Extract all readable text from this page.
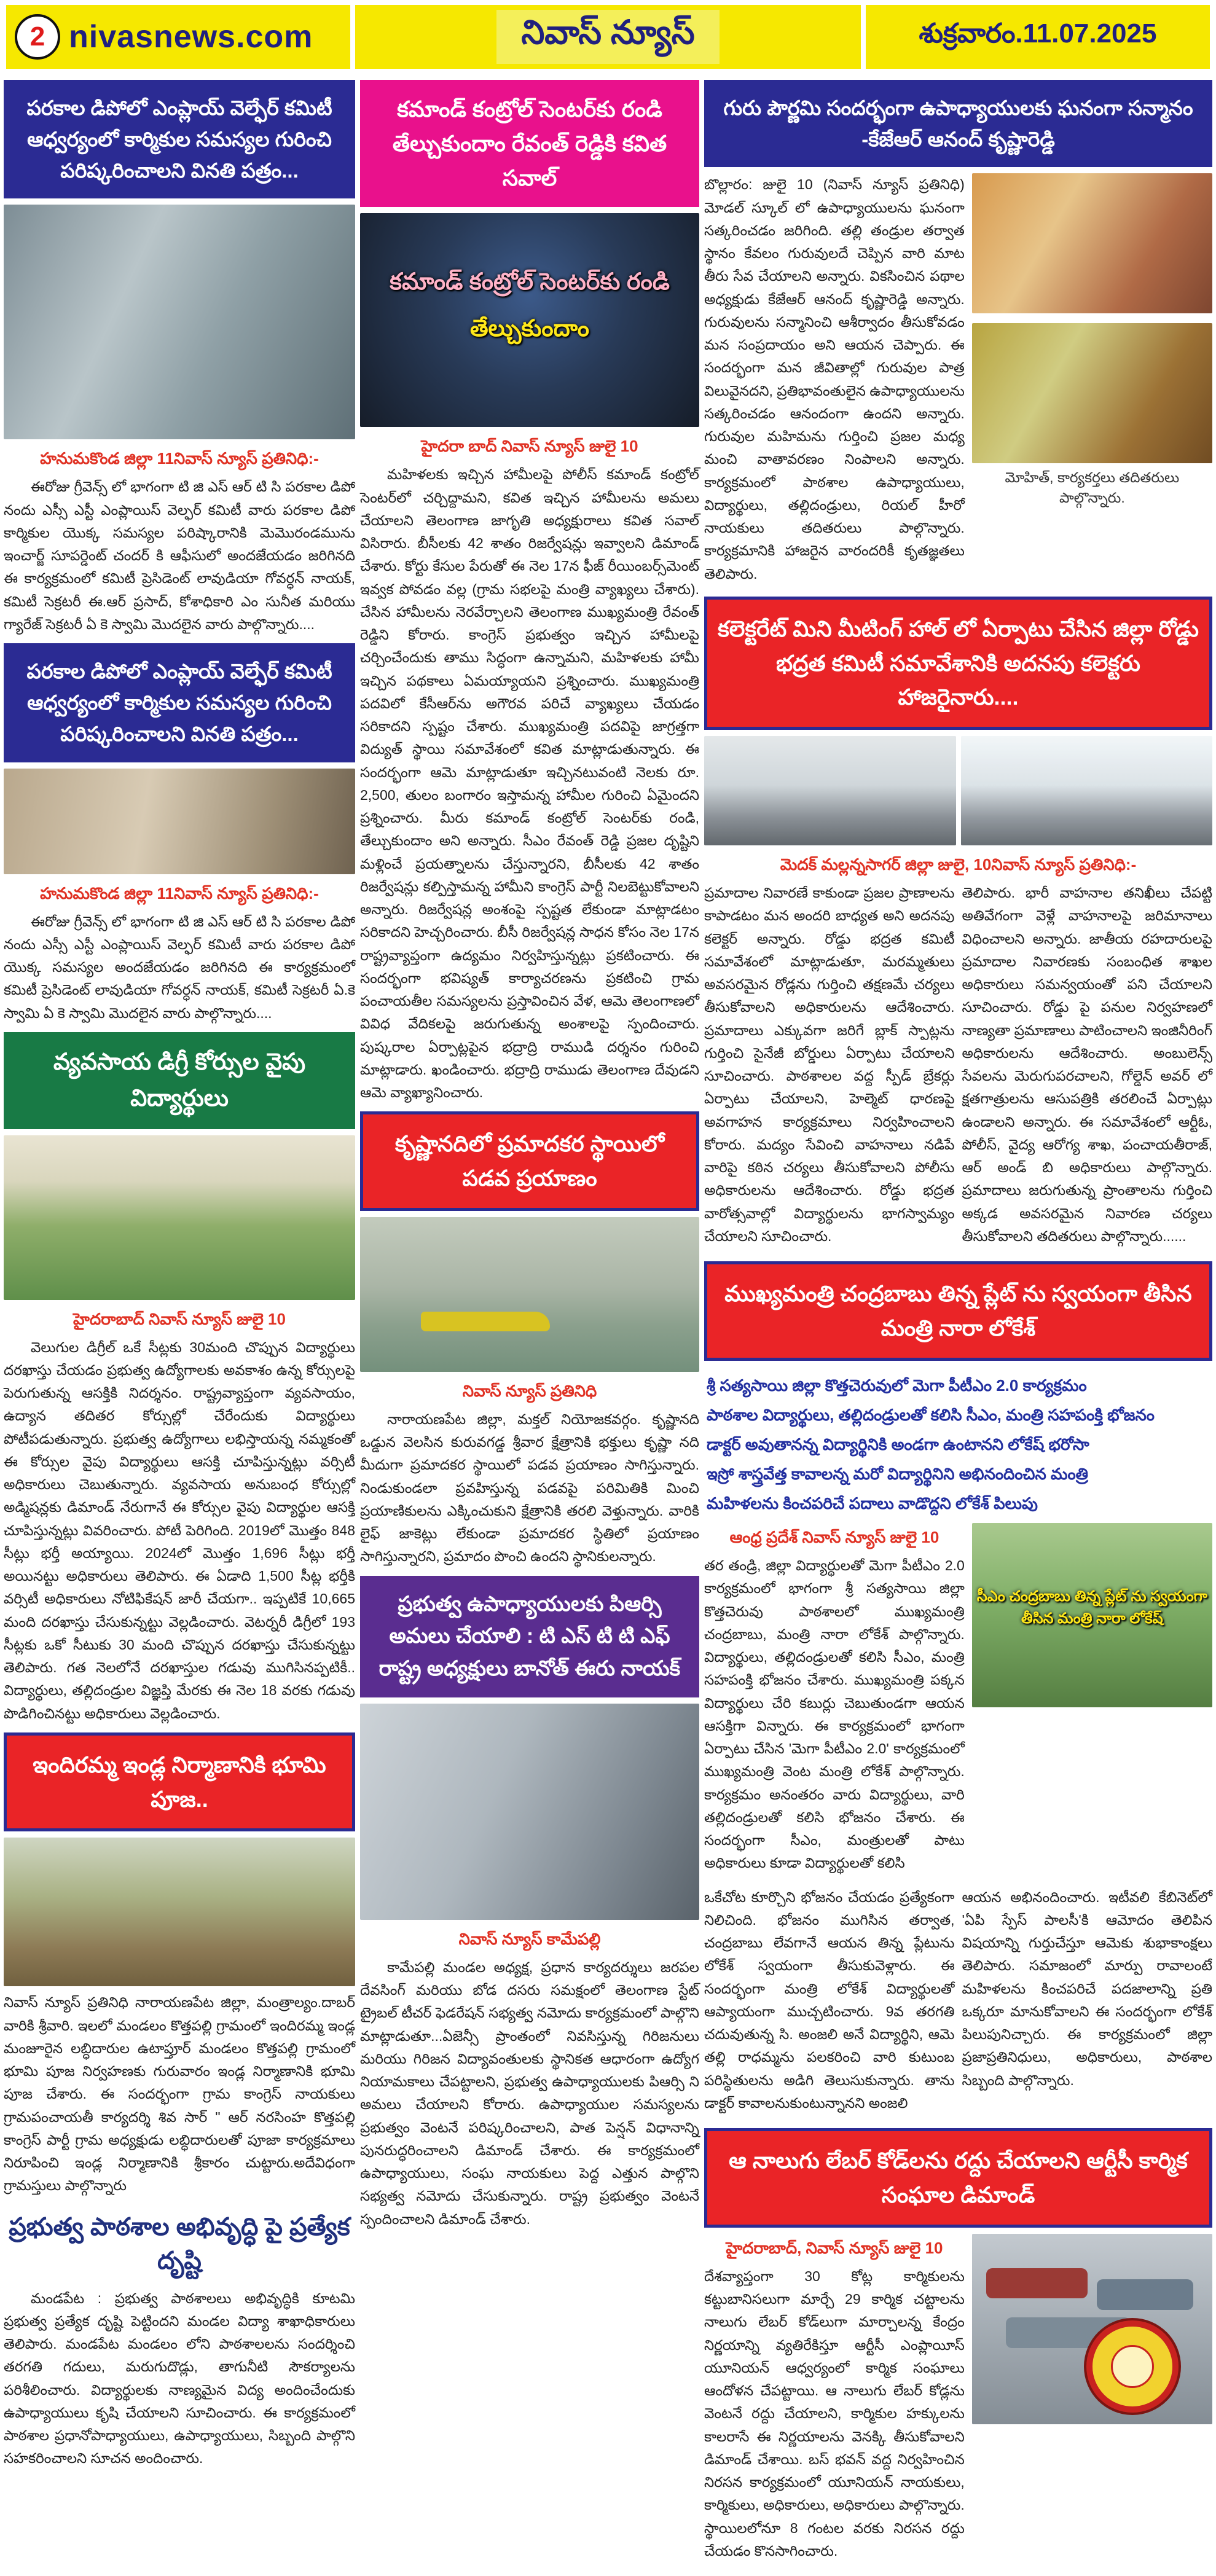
2 nivasnews.com	నివాస్ న్యూస్	శుక్రవారం.11.07.2025
పరకాల డిపోలో ఎంప్లాయ్ వెల్ఫేర్ కమిటీ ఆధ్వర్యంలో కార్మికుల సమస్యల గురించి పరిష్కరించాలని వినతి పత్రం...
హనుమకొండ జిల్లా 11నివాస్ న్యూస్ ప్రతినిధి:-
ఈరోజు గ్రీవెన్స్ లో భాగంగా టి జి ఎస్ ఆర్ టి సి పరకాల డిపో నందు ఎస్సీ ఎస్టీ ఎంప్లాయిస్ వెల్ఫర్ కమిటీ వారు పరకాల డిపో కార్మికుల యొక్క సమస్యల పరిష్కారానికి మెమొరండమును ఇంచార్జ్ సూపర్డెంట్ చందర్ కి ఆఫీసులో అందజేయడం జరిగినది ఈ కార్యక్రమంలో కమిటీ ప్రెసిడెంట్ లావుడియా గోవర్ధన్ నాయక్, కమిటీ సెక్రటరీ ఈ.ఆర్ ప్రసాద్, కోశాధికారి ఎం సునీత మరియు గ్యారేజ్ సెక్రటరీ ఏ కె స్వామి మొదలైన వారు పాల్గొన్నారు....
పరకాల డిపోలో ఎంప్లాయ్ వెల్ఫేర్ కమిటీ ఆధ్వర్యంలో కార్మికుల సమస్యల గురించి పరిష్కరించాలని వినతి పత్రం...
హనుమకొండ జిల్లా 11నివాస్ న్యూస్ ప్రతినిధి:-
ఈరోజు గ్రీవెన్స్ లో భాగంగా టి జి ఎస్ ఆర్ టి సి పరకాల డిపో నందు ఎస్సీ ఎస్టీ ఎంప్లాయిస్ వెల్ఫర్ కమిటీ వారు పరకాల డిపో యొక్క సమస్యల అందజేయడం జరిగినది ఈ కార్యక్రమంలో కమిటీ ప్రెసిడెంట్ లావుడియా గోవర్ధన్ నాయక్, కమిటీ సెక్రటరీ ఏ.కె స్వామి ఏ కె స్వామి మొదలైన వారు పాల్గొన్నారు....
వ్యవసాయ డిగ్రీ కోర్సుల వైపు విద్యార్థులు
హైదరాబాద్ నివాస్ న్యూస్ జులై 10
వెలుగుల డిగ్రీల్ ఒకే సీట్లకు 30మంది చొప్పున విద్యార్థులు దరఖాస్తు చేయడం ప్రభుత్వ ఉద్యోగాలకు అవకాశం ఉన్న కోర్సులపై పెరుగుతున్న ఆసక్తికి నిదర్శనం. రాష్ట్రవ్యాప్తంగా వ్యవసాయం, ఉద్యాన తదితర కోర్సుల్లో చేరేందుకు విద్యార్థులు పోటీపడుతున్నారు. ప్రభుత్వ ఉద్యోగాలు లభిస్తాయన్న నమ్మకంతో ఈ కోర్సుల వైపు విద్యార్థులు ఆసక్తి చూపిస్తున్నట్లు వర్సిటీ అధికారులు చెబుతున్నారు. వ్యవసాయ అనుబంధ కోర్సుల్లో అడ్మిషన్లకు డిమాండ్ నేరుగానే ఈ కోర్సుల వైపు విద్యార్థుల ఆసక్తి చూపిస్తున్నట్లు వివరించారు. పోటీ పెరిగింది. 2019లో మొత్తం 848 సీట్లు భర్తీ అయ్యాయి. 2024లో మొత్తం 1,696 సీట్లు భర్తీ అయినట్టు అధికారులు తెలిపారు. ఈ ఏడాది 1,500 సీట్ల భర్తీకి వర్సిటీ అధికారులు నోటిఫికేషన్ జారీ చేయగా.. ఇప్పటికే 10,665 మంది దరఖాస్తు చేసుకున్నట్టు వెల్లడించారు. వెటర్నరీ డిగ్రీలో 193 సీట్లకు ఒకో సీటుకు 30 మంది చొప్పున దరఖాస్తు చేసుకున్నట్టు తెలిపారు. గత నెలలోనే దరఖాస్తుల గడువు ముగిసినప్పటికీ.. విద్యార్థులు, తల్లిదండ్రుల విజ్ఞప్తి మేరకు ఈ నెల 18 వరకు గడువు పొడిగించినట్టు అధికారులు వెల్లడించారు.
ఇందిరమ్మ ఇండ్ల నిర్మాణానికి భూమి పూజ..
నివాస్ న్యూస్ ప్రతినిధి నారాయణపేట జిల్లా, మంత్రాల్యం.దాబర్ వారికి శ్రీవారి. ఇలలో మండలం కొత్తపల్లి గ్రామంలో ఇందిరమ్మ ఇండ్ల మంజూరైన లబ్ధిదారుల ఉటాప్తూర్ మండలం కొత్తపల్లి గ్రామంలో భూమి పూజ నిర్వహణకు గురువారం ఇండ్ల నిర్మాణానికి భూమి పూజ చేశారు. ఈ సందర్భంగా గ్రామ కాంగ్రెస్ నాయకులు గ్రామపంచాయతీ కార్యదర్శి శివ సార్ " ఆర్ నరసింహ కొత్తపల్లి కాంగ్రెస్ పార్టీ గ్రామ అధ్యక్షుడు లబ్ధిదారులతో పూజా కార్యక్రమాలు నిరూపించి ఇండ్ల నిర్మాణానికి శ్రీకారం చుట్టారు.అదేవిధంగా గ్రామస్తులు పాల్గొన్నారు
ప్రభుత్వ పాఠశాల అభివృద్ధి పై ప్రత్యేక దృష్టి
మండపేట : ప్రభుత్వ పాఠశాలలు అభివృద్ధికి కూటమి ప్రభుత్వ ప్రత్యేక దృష్టి పెట్టిందని మండల విద్యా శాఖాధికారులు తెలిపారు. మండపేట మండలం లోని పాఠశాలలను సందర్శించి తరగతి గదులు, మరుగుదొడ్లు, తాగునీటి సౌకర్యాలను పరిశీలించారు. విద్యార్థులకు నాణ్యమైన విద్య అందించేందుకు ఉపాధ్యాయులు కృషి చేయాలని సూచించారు. ఈ కార్యక్రమంలో పాఠశాల ప్రధానోపాధ్యాయులు, ఉపాధ్యాయులు, సిబ్బంది పాల్గొని సహకరించాలని సూచన అందించారు.
కమాండ్ కంట్రోల్ సెంటర్‌కు రండి తేల్చుకుందాం రేవంత్ రెడ్డికి కవిత సవాల్
కమాండ్ కంట్రోల్ సెంటర్‌కు రండి
తేల్చుకుందాం
హైదరా బాద్ నివాస్ న్యూస్ జులై 10
మహిళలకు ఇచ్చిన హామీలపై పోలీస్ కమాండ్ కంట్రోల్ సెంటర్‌లో చర్చిద్దామని, కవిత ఇచ్చిన హామీలను అమలు చేయాలని తెలంగాణ జాగృతి అధ్యక్షురాలు కవిత సవాల్ విసిరారు. బీసీలకు 42 శాతం రిజర్వేషన్లు ఇవ్వాలని డిమాండ్ చేశారు. కోర్టు కేసుల పేరుతో ఈ నెల 17న ఫీజ్ రీయింబర్స్‌మెంట్ ఇవ్వక పోవడం వల్ల (గ్రామ సభలపై మంత్రి వ్యాఖ్యలు చేశారు). చేసిన హామీలను నెరవేర్చాలని తెలంగాణ ముఖ్యమంత్రి రేవంత్ రెడ్డిని కోరారు. కాంగ్రెస్ ప్రభుత్వం ఇచ్చిన హామీలపై చర్చించేందుకు తాము సిద్ధంగా ఉన్నామని, మహిళలకు హామీ ఇచ్చిన పథకాలు ఏమయ్యాయని ప్రశ్నించారు. ముఖ్యమంత్రి పదవిలో కేసీఆర్‌ను అగౌరవ పరిచే వ్యాఖ్యలు చేయడం సరికాదని స్పష్టం చేశారు. ముఖ్యమంత్రి పదవిపై జాగ్రత్తగా విద్యుత్ స్థాయి సమావేశంలో కవిత మాట్లాడుతున్నారు. ఈ సందర్భంగా ఆమె మాట్లాడుతూ ఇచ్చినటువంటి నెలకు రూ. 2,500, తులం బంగారం ఇస్తామన్న హామీల గురించి ఏమైందని ప్రశ్నించారు. మీరు కమాండ్ కంట్రోల్ సెంటర్‌కు రండి, తేల్చుకుందాం అని అన్నారు. సీఎం రేవంత్ రెడ్డి ప్రజల దృష్టిని మళ్లించే ప్రయత్నాలను చేస్తున్నారని, బీసీలకు 42 శాతం రిజర్వేషన్లు కల్పిస్తామన్న హామీని కాంగ్రెస్ పార్టీ నిలబెట్టుకోవాలని అన్నారు. రిజర్వేషన్ల అంశంపై స్పష్టత లేకుండా మాట్లాడటం సరికాదని హెచ్చరించారు. బీసీ రిజర్వేషన్ల సాధన కోసం నెల 17న రాష్ట్రవ్యాప్తంగా ఉద్యమం నిర్వహిస్తున్నట్లు ప్రకటించారు. ఈ సందర్భంగా భవిష్యత్ కార్యాచరణను ప్రకటించి గ్రామ పంచాయతీల సమస్యలను ప్రస్తావించిన వేళ, ఆమె తెలంగాణలో వివిధ వేదికలపై జరుగుతున్న అంశాలపై స్పందించారు. పుష్కరాల ఏర్పాట్లపైన భద్రాద్రి రాముడి దర్శనం గురించి మాట్లాడారు. ఖండించారు. భద్రాద్రి రాముడు తెలంగాణ దేవుడని ఆమె వ్యాఖ్యానించారు.
కృష్ణానదిలో ప్రమాదకర స్థాయిలో పడవ ప్రయాణం
నివాస్ న్యూస్ ప్రతినిధి
నారాయణపేట జిల్లా, మక్తల్ నియోజకవర్గం. కృష్ణానది ఒడ్డున వెలసిన కురువగడ్డ శ్రీవార క్షేత్రానికి భక్తులు కృష్ణా నది మీదుగా ప్రమాదకర స్థాయిలో పడవ ప్రయాణం సాగిస్తున్నారు. నిండుకుండలా ప్రవహిస్తున్న పడవపై పరిమితికి మించి ప్రయాణికులను ఎక్కించుకుని క్షేత్రానికి తరలి వెళ్తున్నారు. వారికి లైఫ్ జాకెట్లు లేకుండా ప్రమాదకర స్థితిలో ప్రయాణం సాగిస్తున్నారని, ప్రమాదం పొంచి ఉందని స్థానికులన్నారు.
ప్రభుత్వ ఉపాధ్యాయులకు పిఆర్సి అమలు చేయాలి : టి ఎస్ టి టి ఎఫ్ రాష్ట్ర అధ్యక్షులు బానోత్ ఈరు నాయక్
నివాస్ న్యూస్ కామేపల్లి
కామేపల్లి మండల అధ్యక్ష, ప్రధాన కార్యదర్శులు జరపల దేవసింగ్ మరియు బోడ దసరు సమక్షంలో తెలంగాణ స్టేట్ ట్రైబల్ టీచర్ ఫెడరేషన్ సభ్యత్వ నమోదు కార్యక్రమంలో పాల్గొని మాట్లాడుతూ...ఏజెన్సీ ప్రాంతంలో నివసిస్తున్న గిరిజనులు మరియు గిరిజన విద్యావంతులకు స్థానికత ఆధారంగా ఉద్యోగ నియామకాలు చేపట్టాలని, ప్రభుత్వ ఉపాధ్యాయులకు పిఆర్సి ని అమలు చేయాలని కోరారు. ఉపాధ్యాయుల సమస్యలను ప్రభుత్వం వెంటనే పరిష్కరించాలని, పాత పెన్షన్ విధానాన్ని పునరుద్ధరించాలని డిమాండ్ చేశారు. ఈ కార్యక్రమంలో ఉపాధ్యాయులు, సంఘ నాయకులు పెద్ద ఎత్తున పాల్గొని సభ్యత్వ నమోదు చేసుకున్నారు. రాష్ట్ర ప్రభుత్వం వెంటనే స్పందించాలని డిమాండ్ చేశారు.
గురు పౌర్ణమి సందర్భంగా ఉపాధ్యాయులకు ఘనంగా సన్మానం -కేజేఆర్ ఆనంద్ కృష్ణారెడ్డి
బొల్లారం: జులై 10 (నివాస్ న్యూస్ ప్రతినిధి) మోడల్ స్కూల్ లో ఉపాధ్యాయులను ఘనంగా సత్కరించడం జరిగింది. తల్లి తండ్రుల తర్వాత స్థానం కేవలం గురువులదే చెప్పిన వారి మాట తీరు సేవ చేయాలని అన్నారు. వికసించిన పథాల అధ్యక్షుడు కేజేఆర్ ఆనంద్ కృష్ణారెడ్డి అన్నారు. గురువులను సన్మానించి ఆశీర్వాదం తీసుకోవడం మన సంప్రదాయం అని ఆయన చెప్పారు. ఈ సందర్భంగా మన జీవితాల్లో గురువుల పాత్ర విలువైనదని, ప్రతిభావంతులైన ఉపాధ్యాయులను సత్కరించడం ఆనందంగా ఉందని అన్నారు. గురువుల మహిమను గుర్తించి ప్రజల మధ్య మంచి వాతావరణం నింపాలని అన్నారు. కార్యక్రమంలో పాఠశాల ఉపాధ్యాయులు, విద్యార్థులు, తల్లిదండ్రులు, రియల్ హీరో నాయకులు తదితరులు పాల్గొన్నారు. కార్యక్రమానికి హాజరైన వారందరికీ కృతజ్ఞతలు తెలిపారు.
మోహిత్, కార్యకర్తలు తదితరులు పాల్గొన్నారు.
కలెక్టరేట్ మిని మీటింగ్ హాల్ లో ఏర్పాటు చేసిన జిల్లా రోడ్డు భద్రత కమిటీ సమావేశానికి అదనపు కలెక్టరు హాజరైనారు....
మెదక్ మల్లన్నసాగర్ జిల్లా జులై, 10నివాస్ న్యూస్ ప్రతినిధి:-
ప్రమాదాల నివారణే కాకుండా ప్రజల ప్రాణాలను కాపాడటం మన అందరి బాధ్యత అని అదనపు కలెక్టర్ అన్నారు. రోడ్డు భద్రత కమిటీ సమావేశంలో మాట్లాడుతూ, మరమ్మతులు అవసరమైన రోడ్లను గుర్తించి తక్షణమే చర్యలు తీసుకోవాలని అధికారులను ఆదేశించారు. ప్రమాదాలు ఎక్కువగా జరిగే బ్లాక్ స్పాట్లను గుర్తించి సైనేజీ బోర్డులు ఏర్పాటు చేయాలని సూచించారు. పాఠశాలల వద్ద స్పీడ్ బ్రేకర్లు ఏర్పాటు చేయాలని, హెల్మెట్ ధారణపై అవగాహన కార్యక్రమాలు నిర్వహించాలని కోరారు. మద్యం సేవించి వాహనాలు నడిపే వారిపై కఠిన చర్యలు తీసుకోవాలని పోలీసు అధికారులను ఆదేశించారు. రోడ్డు భద్రత వారోత్సవాల్లో విద్యార్థులను భాగస్వామ్యం చేయాలని సూచించారు.
తెలిపారు. భారీ వాహనాల తనిఖీలు చేపట్టి అతివేగంగా వెళ్లే వాహనాలపై జరిమానాలు విధించాలని అన్నారు. జాతీయ రహదారులపై ప్రమాదాల నివారణకు సంబంధిత శాఖల అధికారులు సమన్వయంతో పని చేయాలని సూచించారు. రోడ్డు పై పనుల నిర్వహణలో నాణ్యతా ప్రమాణాలు పాటించాలని ఇంజినీరింగ్ అధికారులను ఆదేశించారు. అంబులెన్స్ సేవలను మెరుగుపరచాలని, గోల్డెన్ అవర్ లో క్షతగాత్రులను ఆసుపత్రికి తరలించే ఏర్పాట్లు ఉండాలని అన్నారు. ఈ సమావేశంలో ఆర్టీఓ, పోలీస్, వైద్య ఆరోగ్య శాఖ, పంచాయతీరాజ్, ఆర్ అండ్ బి అధికారులు పాల్గొన్నారు. ప్రమాదాలు జరుగుతున్న ప్రాంతాలను గుర్తించి అక్కడ అవసరమైన నివారణ చర్యలు తీసుకోవాలని తదితరులు పాల్గొన్నారు......
ముఖ్యమంత్రి చంద్రబాబు తిన్న ప్లేట్ ను స్వయంగా తీసిన మంత్రి నారా లోకేశ్
శ్రీ సత్యసాయి జిల్లా కొత్తచెరువులో మెగా పీటీఎం 2.0 కార్యక్రమం
పాఠశాల విద్యార్థులు, తల్లిదండ్రులతో కలిసి సీఎం, మంత్రి సహపంక్తి భోజనం
డాక్టర్ అవుతానన్న విద్యార్థినికి అండగా ఉంటానని లోకేష్ భరోసా
ఇస్రో శాస్త్రవేత్త కావాలన్న మరో విద్యార్థినిని అభినందించిన మంత్రి
మహిళలను కించపరిచే పదాలు వాడొద్దని లోకేశ్ పిలుపు
ఆంధ్ర ప్రదేశ్ నివాస్ న్యూస్ జులై 10
తర తండ్రి, జిల్లా విద్యార్థులతో మెగా పీటీఎం 2.0 కార్యక్రమంలో భాగంగా శ్రీ సత్యసాయి జిల్లా కొత్తచెరువు పాఠశాలలో ముఖ్యమంత్రి చంద్రబాబు, మంత్రి నారా లోకేశ్ పాల్గొన్నారు. విద్యార్థులు, తల్లిదండ్రులతో కలిసి సీఎం, మంత్రి సహపంక్తి భోజనం చేశారు. ముఖ్యమంత్రి పక్కన విద్యార్థులు చేరి కబుర్లు చెబుతుండగా ఆయన ఆసక్తిగా విన్నారు. ఈ కార్యక్రమంలో భాగంగా ఏర్పాటు చేసిన 'మెగా పీటీఎం 2.0' కార్యక్రమంలో ముఖ్యమంత్రి వెంట మంత్రి లోకేశ్ పాల్గొన్నారు. కార్యక్రమం అనంతరం వారు విద్యార్థులు, వారి తల్లిదండ్రులతో కలిసి భోజనం చేశారు. ఈ సందర్భంగా సీఎం, మంత్రులతో పాటు అధికారులు కూడా విద్యార్థులతో కలిసి
సీఎం చంద్రబాబు తిన్న ప్లేట్ ను స్వయంగా తీసిన మంత్రి నారా లోకేష్
ఒకేచోట కూర్చొని భోజనం చేయడం ప్రత్యేకంగా నిలిచింది. భోజనం ముగిసిన తర్వాత, చంద్రబాబు లేవగానే ఆయన తిన్న ప్లేటును లోకేశ్ స్వయంగా తీసుకువెళ్లారు. ఈ సందర్భంగా మంత్రి లోకేశ్ విద్యార్థులతో ఆప్యాయంగా ముచ్చటించారు. 9వ తరగతి చదువుతున్న సి. అంజలి అనే విద్యార్థిని, ఆమె తల్లి రాధమ్మను పలకరించి వారి కుటుంబ పరిస్థితులను అడిగి తెలుసుకున్నారు. తాను డాక్టర్ కావాలనుకుంటున్నానని అంజలి
ఆయన అభినందించారు. ఇటీవలి కేబినెట్‌లో 'ఏపి స్పేస్ పాలసీ'కి ఆమోదం తెలిపిన విషయాన్ని గుర్తుచేస్తూ ఆమెకు శుభాకాంక్షలు తెలిపారు. సమాజంలో మార్పు రావాలంటే మహిళలను కించపరిచే పదజాలాన్ని ప్రతి ఒక్కరూ మానుకోవాలని ఈ సందర్భంగా లోకేశ్ పిలుపునిచ్చారు. ఈ కార్యక్రమంలో జిల్లా ప్రజాప్రతినిధులు, అధికారులు, పాఠశాల సిబ్బంది పాల్గొన్నారు.
ఆ నాలుగు లేబర్ కోడ్‌లను రద్దు చేయాలని ఆర్టీసీ కార్మిక సంఘాల డిమాండ్
హైదరాబాద్, నివాస్ న్యూస్ జులై 10
దేశవ్యాప్తంగా 30 కోట్ల కార్మికులను కట్టుబానిసలుగా మార్చే 29 కార్మిక చట్టాలను నాలుగు లేబర్ కోడ్‌లుగా మార్చాలన్న కేంద్రం నిర్ణయాన్ని వ్యతిరేకిస్తూ ఆర్టీసీ ఎంప్లాయీస్ యూనియన్ ఆధ్వర్యంలో కార్మిక సంఘాలు ఆందోళన చేపట్టాయి. ఆ నాలుగు లేబర్ కోడ్లను వెంటనే రద్దు చేయాలని, కార్మికుల హక్కులను కాలరాసే ఈ నిర్ణయాలను వెనక్కి తీసుకోవాలని డిమాండ్ చేశాయి. బస్ భవన్ వద్ద నిర్వహించిన నిరసన కార్యక్రమంలో యూనియన్ నాయకులు, కార్మికులు, అధికారులు, అధికారులు పాల్గొన్నారు. స్థాయిలలోనూ 8 గంటల వరకు నిరసన రద్దు చేయడం కొనసాగించారు.
